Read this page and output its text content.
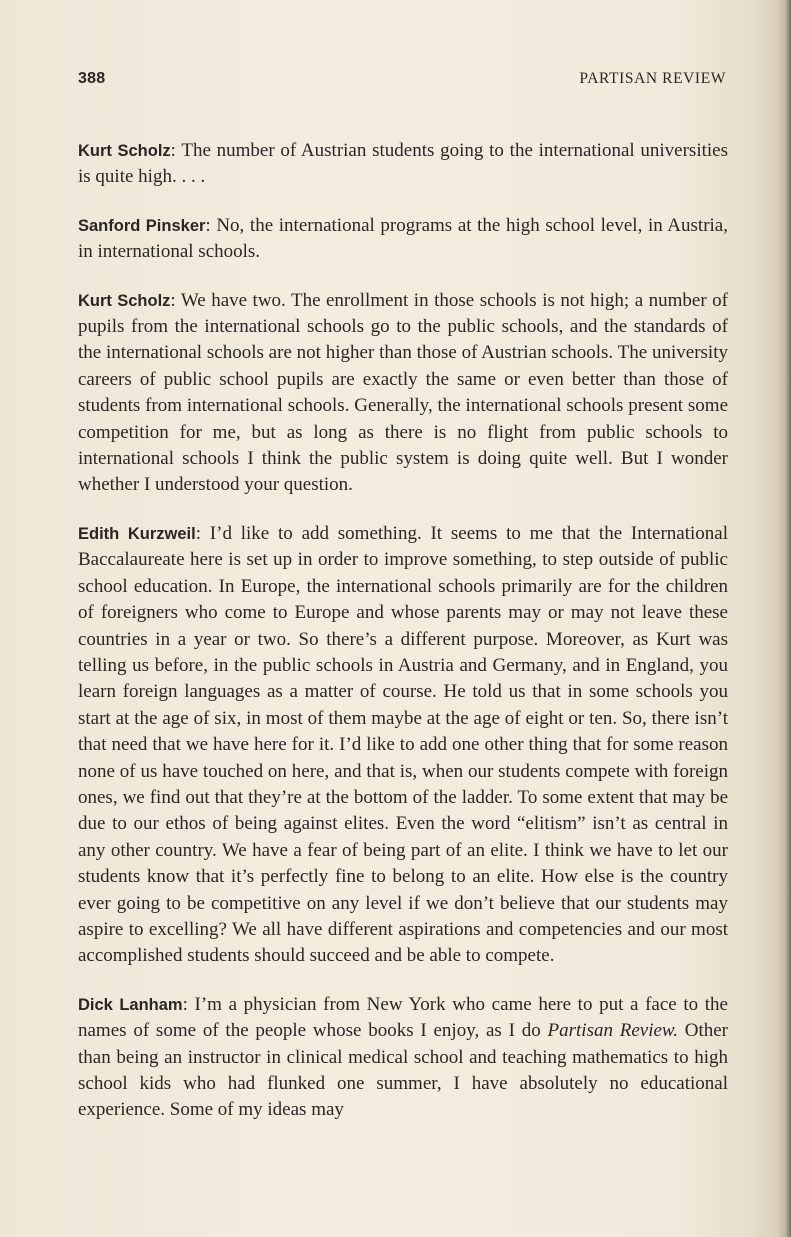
388	PARTISAN REVIEW

Kurt Scholz: The number of Austrian students going to the international universities is quite high. . . .

Sanford Pinsker: No, the international programs at the high school level, in Austria, in international schools.

Kurt Scholz: We have two. The enrollment in those schools is not high; a number of pupils from the international schools go to the public schools, and the standards of the international schools are not higher than those of Austrian schools. The university careers of public school pupils are exactly the same or even better than those of students from international schools. Generally, the international schools present some competition for me, but as long as there is no flight from public schools to international schools I think the public system is doing quite well. But I wonder whether I understood your question.

Edith Kurzweil: I’d like to add something. It seems to me that the International Baccalaureate here is set up in order to improve something, to step outside of public school education. In Europe, the international schools primarily are for the children of foreigners who come to Europe and whose parents may or may not leave these countries in a year or two. So there’s a different purpose. Moreover, as Kurt was telling us before, in the public schools in Austria and Germany, and in England, you learn foreign languages as a matter of course. He told us that in some schools you start at the age of six, in most of them maybe at the age of eight or ten. So, there isn’t that need that we have here for it. I’d like to add one other thing that for some reason none of us have touched on here, and that is, when our students compete with foreign ones, we find out that they’re at the bottom of the ladder. To some extent that may be due to our ethos of being against elites. Even the word “elitism” isn’t as central in any other country. We have a fear of being part of an elite. I think we have to let our students know that it’s perfectly fine to belong to an elite. How else is the country ever going to be competitive on any level if we don’t believe that our students may aspire to excelling? We all have different aspirations and competencies and our most accomplished students should succeed and be able to compete.

Dick Lanham: I’m a physician from New York who came here to put a face to the names of some of the people whose books I enjoy, as I do Partisan Review. Other than being an instructor in clinical medical school and teaching mathematics to high school kids who had flunked one summer, I have absolutely no educational experience. Some of my ideas may
